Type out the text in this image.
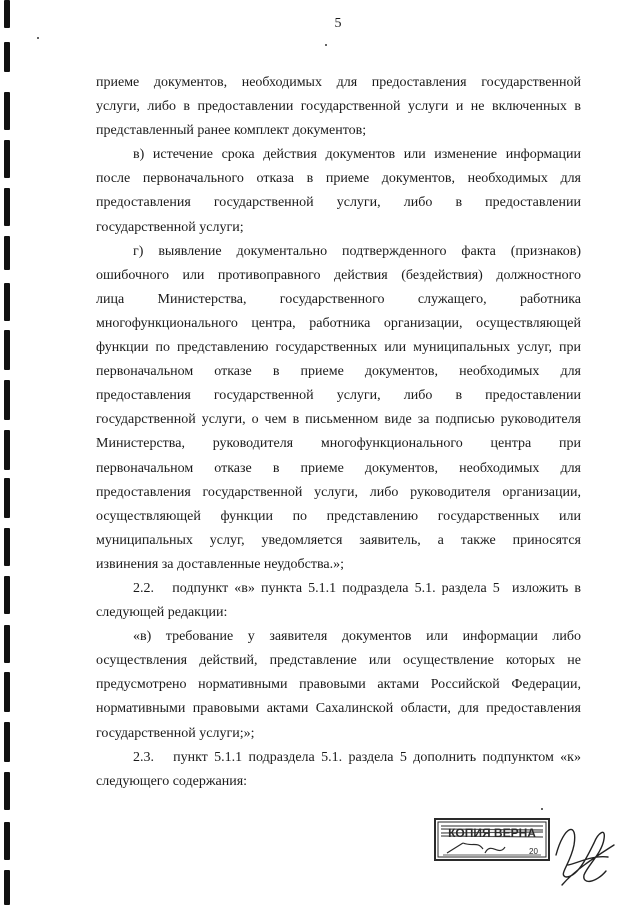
5

приеме документов, необходимых для предоставления государственной
услуги, либо в предоставлении государственной услуги и не включенных в
представленный ранее комплект документов;

в) истечение срока действия документов или изменение информации
после первоначального отказа в приеме документов, необходимых для
предоставления государственной услуги, либо в предоставлении
государственной услуги;

г) выявление документально подтвержденного факта (признаков)
ошибочного или противоправного действия (бездействия) должностного
лица Министерства, государственного служащего, работника
многофункционального центра, работника организации, осуществляющей
функции по представлению государственных или муниципальных услуг, при
первоначальном отказе в приеме документов, необходимых для
предоставления государственной услуги, либо в предоставлении
государственной услуги, о чем в письменном виде за подписью руководителя
Министерства, руководителя многофункционального центра при
первоначальном отказе в приеме документов, необходимых для
предоставления государственной услуги, либо руководителя организации,
осуществляющей функции по представлению государственных или
муниципальных услуг, уведомляется заявитель, а также приносятся
извинения за доставленные неудобства.»;

2.2.   подпункт «в» пункта 5.1.1 подраздела 5.1. раздела 5  изложить в
следующей редакции:

«в) требование у заявителя документов или информации либо
осуществления действий, представление или осуществление которых не
предусмотрено нормативными правовыми актами Российской Федерации,
нормативными правовыми актами Сахалинской области, для предоставления
государственной услуги;»;

2.3.   пункт 5.1.1 подраздела 5.1. раздела 5 дополнить подпунктом «к»
следующего содержания:

КОПИЯ ВЕРНА
20
